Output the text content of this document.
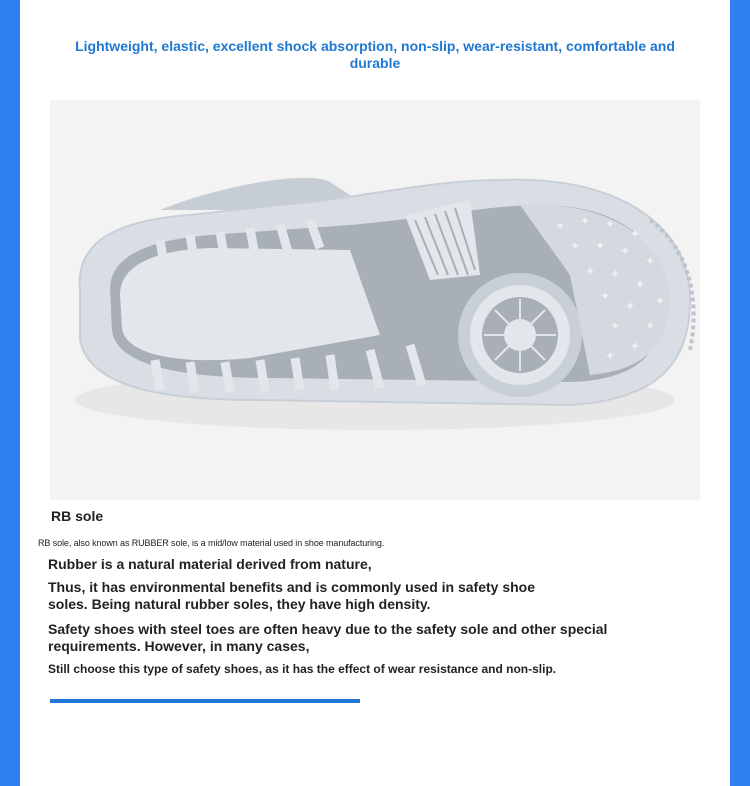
Lightweight, elastic, excellent shock absorption, non-slip, wear-resistant, comfortable and durable
✦ ✦ ✦
✦
✦ ✦ ✦
✦
✦ ✦
✦
✦
✦
✦
✦
✦
✦
✦
RB sole
RB sole, also known as RUBBER sole, is a mid/low material used in shoe manufacturing.
Rubber is a natural material derived from nature,
Thus, it has environmental benefits and is commonly used in safety shoe
soles. Being natural rubber soles, they have high density.
Safety shoes with steel toes are often heavy due to the safety sole and other special
requirements. However, in many cases,
Still choose this type of safety shoes, as it has the effect of wear resistance and non-slip.
